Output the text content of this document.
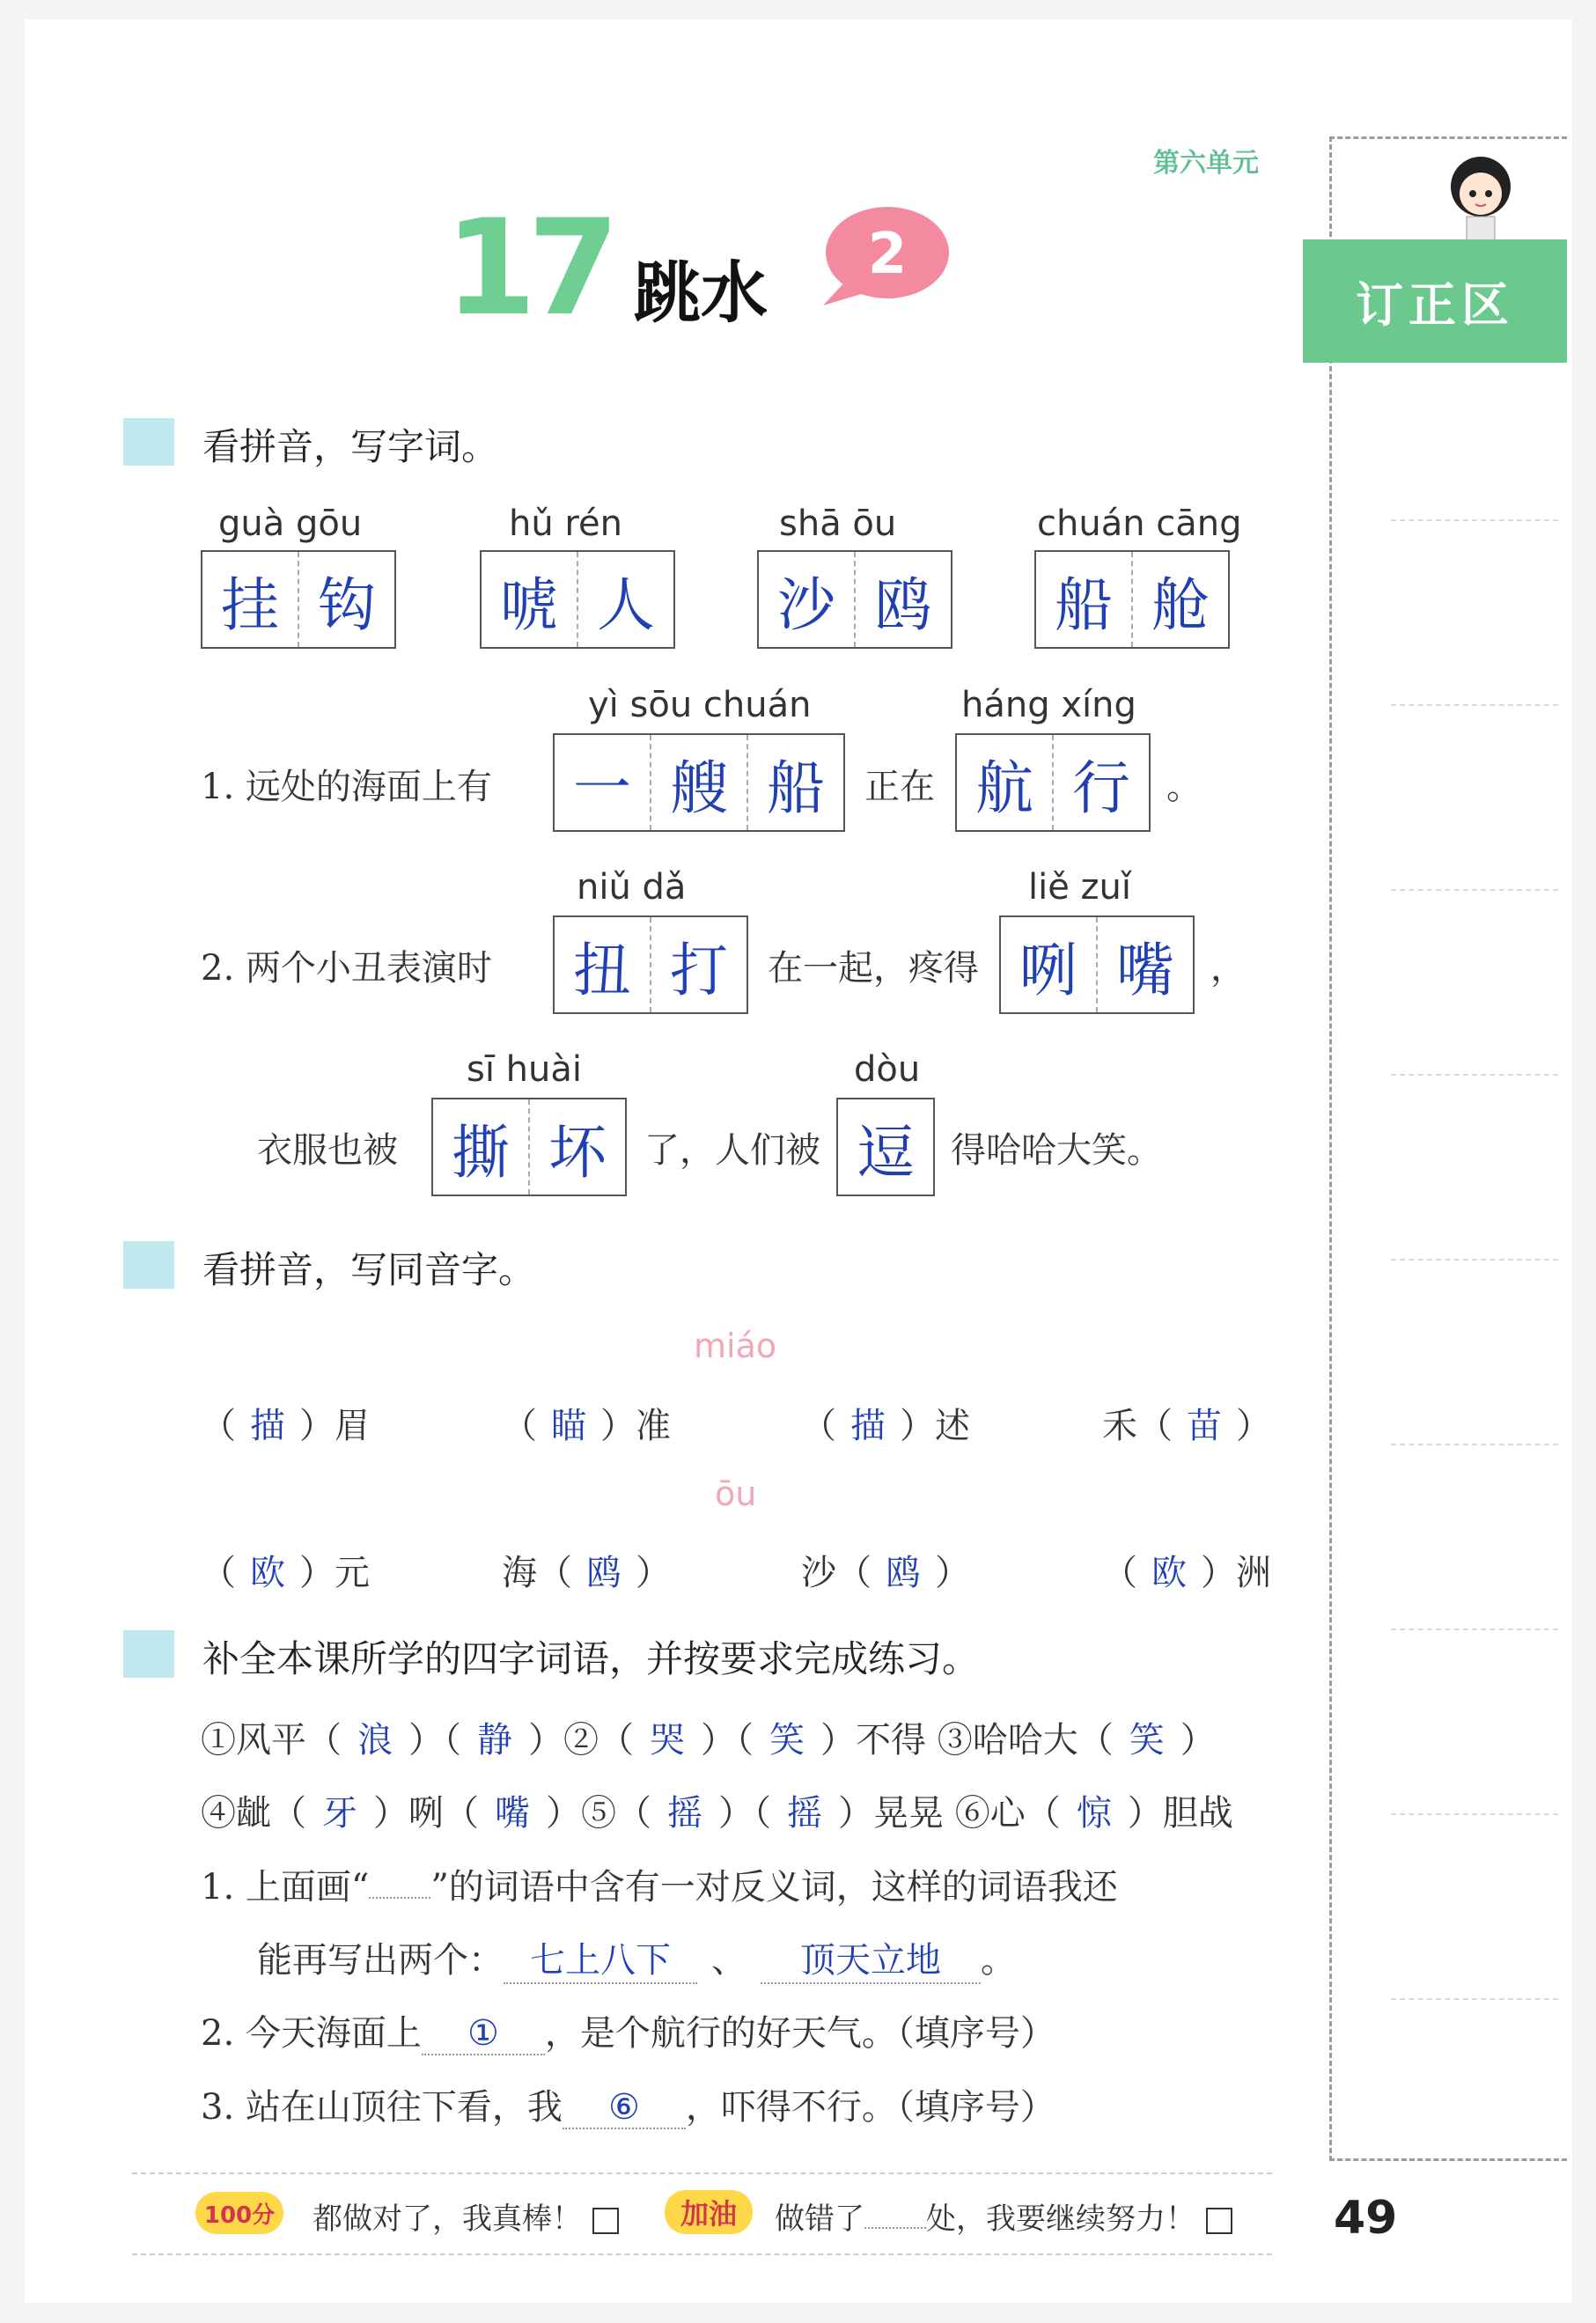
第六单元
17 跳水 2
订正区
看拼音，写字词。
guà gōu
挂 钩
hǔ rén
唬 人
shā ōu
沙 鸥
chuán cāng
船 舱
1. 远处的海面上有
yì sōu chuán
一 艘 船	正在
háng xíng
航 行	。
2. 两个小丑表演时
niǔ dǎ
扭 打	在一起，疼得
liě zuǐ
咧 嘴	，
衣服也被
sī huài
撕 坏	了，人们被
dòu
逗	得哈哈大笑。
看拼音，写同音字。
miáo
（ 描 ）眉	（ 瞄 ）准	（ 描 ）述	禾（ 苗 ）
ōu
（ 欧 ）元	海（ 鸥 ）	沙（ 鸥 ）	（ 欧 ）洲
补全本课所学的四字词语，并按要求完成练习。
①风平（ 浪 ）（ 静 ）②（ 哭 ）（ 笑 ）不得 ③哈哈大（ 笑 ）
④龇（ 牙 ）咧（ 嘴 ）⑤（ 摇 ）（ 摇 ）晃晃 ⑥心（ 惊 ）胆战
1. 上面画“ ”的词语中含有一对反义词，这样的词语我还
能再写出两个： 七上八下 、 顶天立地 。
2. 今天海面上 ① ，是个航行的好天气。（填序号）
3. 站在山顶往下看，我 ⑥ ，吓得不行。（填序号）
100分 都做对了，我真棒！	加油	做错了 处，我要继续努力！	49
